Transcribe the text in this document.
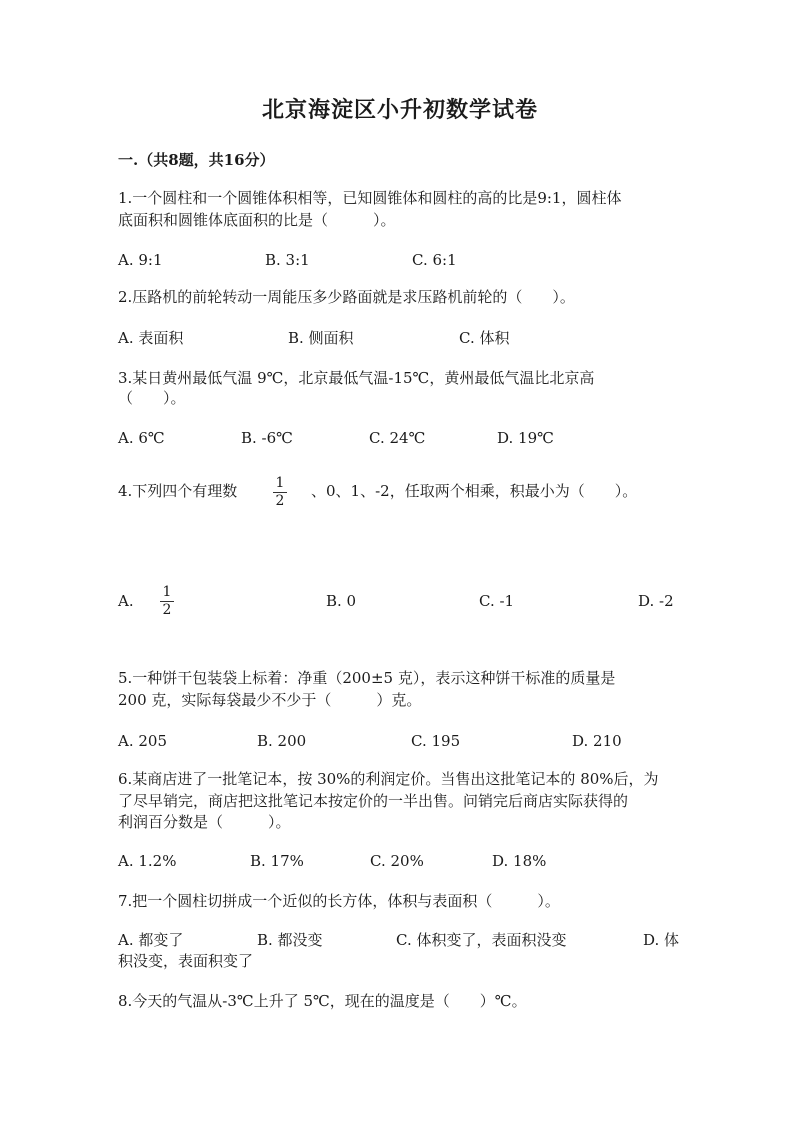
北京海淀区小升初数学试卷
一.（共8题，共16分）
1.一个圆柱和一个圆锥体积相等，已知圆锥体和圆柱的高的比是9:1，圆柱体
底面积和圆锥体底面积的比是（　　　）。
A. 9:1	B. 3:1	C. 6:1
2.压路机的前轮转动一周能压多少路面就是求压路机前轮的（　　）。
A. 表面积	B. 侧面积	C. 体积
3.某日黄州最低气温 9℃，北京最低气温-15℃，黄州最低气温比北京高
（　　）。
A. 6℃	B. -6℃	C. 24℃	D. 19℃
4.下列四个有理数	1
2
、0、1、-2，任取两个相乘，积最小为（　　）。
A. 1
2	B. 0	C. -1	D. -2
5.一种饼干包装袋上标着：净重（200±5 克），表示这种饼干标准的质量是
200 克，实际每袋最少不少于（　　　）克。
A. 205	B. 200	C. 195	D. 210
6.某商店进了一批笔记本，按 30%的利润定价。当售出这批笔记本的 80%后，为
了尽早销完，商店把这批笔记本按定价的一半出售。问销完后商店实际获得的
利润百分数是（　　　）。
A. 1.2%	B. 17%	C. 20%	D. 18%
7.把一个圆柱切拼成一个近似的长方体，体积与表面积（　　　）。
A. 都变了	B. 都没变	C. 体积变了，表面积没变	D. 体
积没变，表面积变了
8.今天的气温从-3℃上升了 5℃，现在的温度是（　　）℃。
